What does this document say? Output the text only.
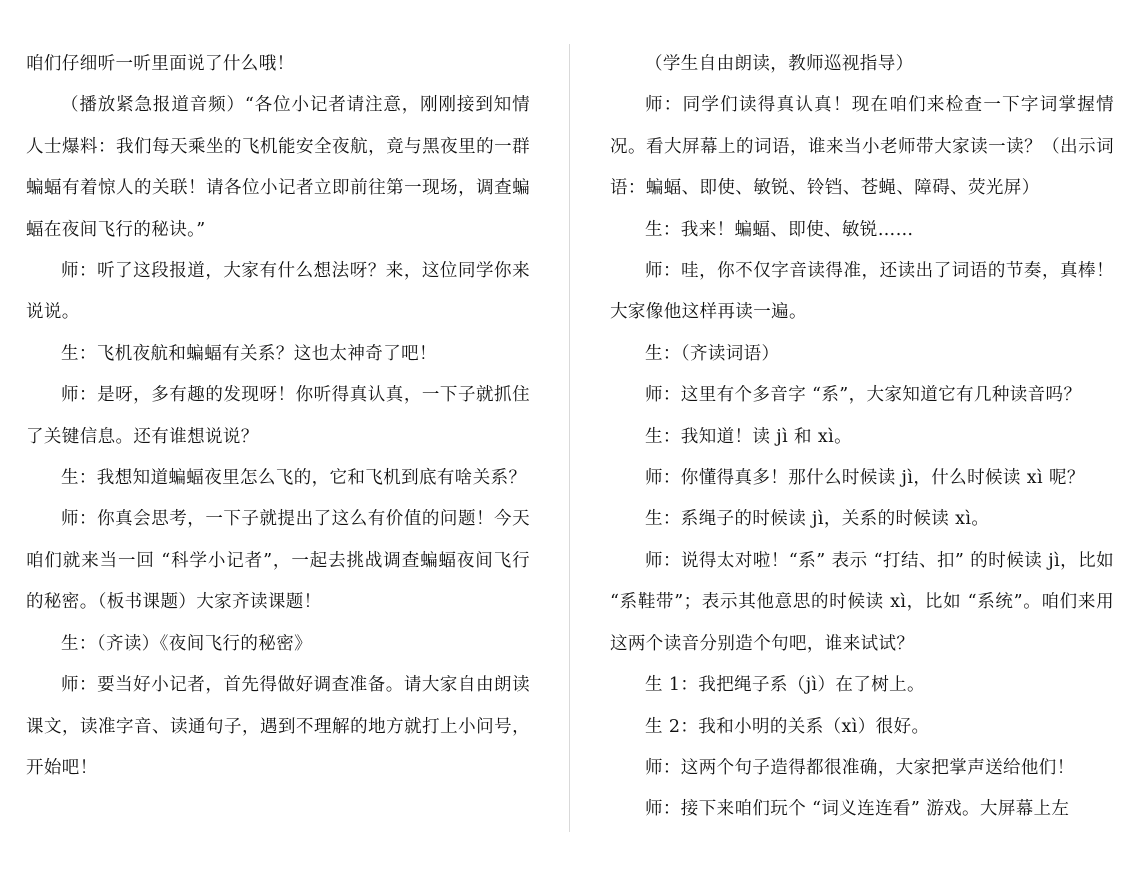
咱们仔细听一听里面说了什么哦！

（播放紧急报道音频）“各位小记者请注意，刚刚接到知情人士爆料：我们每天乘坐的飞机能安全夜航，竟与黑夜里的一群蝙蝠有着惊人的关联！请各位小记者立即前往第一现场，调查蝙蝠在夜间飞行的秘诀。”

师：听了这段报道，大家有什么想法呀？来，这位同学你来说说。

生：飞机夜航和蝙蝠有关系？这也太神奇了吧！

师：是呀，多有趣的发现呀！你听得真认真，一下子就抓住了关键信息。还有谁想说说？

生：我想知道蝙蝠夜里怎么飞的，它和飞机到底有啥关系？

师：你真会思考，一下子就提出了这么有价值的问题！今天咱们就来当一回 “科学小记者”，一起去挑战调查蝙蝠夜间飞行的秘密。（板书课题）大家齐读课题！

生：（齐读）《夜间飞行的秘密》

师：要当好小记者，首先得做好调查准备。请大家自由朗读课文，读准字音、读通句子，遇到不理解的地方就打上小问号，开始吧！

（学生自由朗读，教师巡视指导）

师：同学们读得真认真！现在咱们来检查一下字词掌握情况。看大屏幕上的词语，谁来当小老师带大家读一读？（出示词语：蝙蝠、即使、敏锐、铃铛、苍蝇、障碍、荧光屏）

生：我来！蝙蝠、即使、敏锐……

师：哇，你不仅字音读得准，还读出了词语的节奏，真棒！大家像他这样再读一遍。

生：（齐读词语）

师：这里有个多音字 “系”，大家知道它有几种读音吗？

生：我知道！读 jì 和 xì。

师：你懂得真多！那什么时候读 jì，什么时候读 xì 呢？

生：系绳子的时候读 jì，关系的时候读 xì。

师：说得太对啦！“系” 表示 “打结、扣” 的时候读 jì，比如 “系鞋带”；表示其他意思的时候读 xì，比如 “系统”。咱们来用这两个读音分别造个句吧，谁来试试？

生 1：我把绳子系（jì）在了树上。

生 2：我和小明的关系（xì）很好。

师：这两个句子造得都很准确，大家把掌声送给他们！

师：接下来咱们玩个 “词义连连看” 游戏。大屏幕上左
